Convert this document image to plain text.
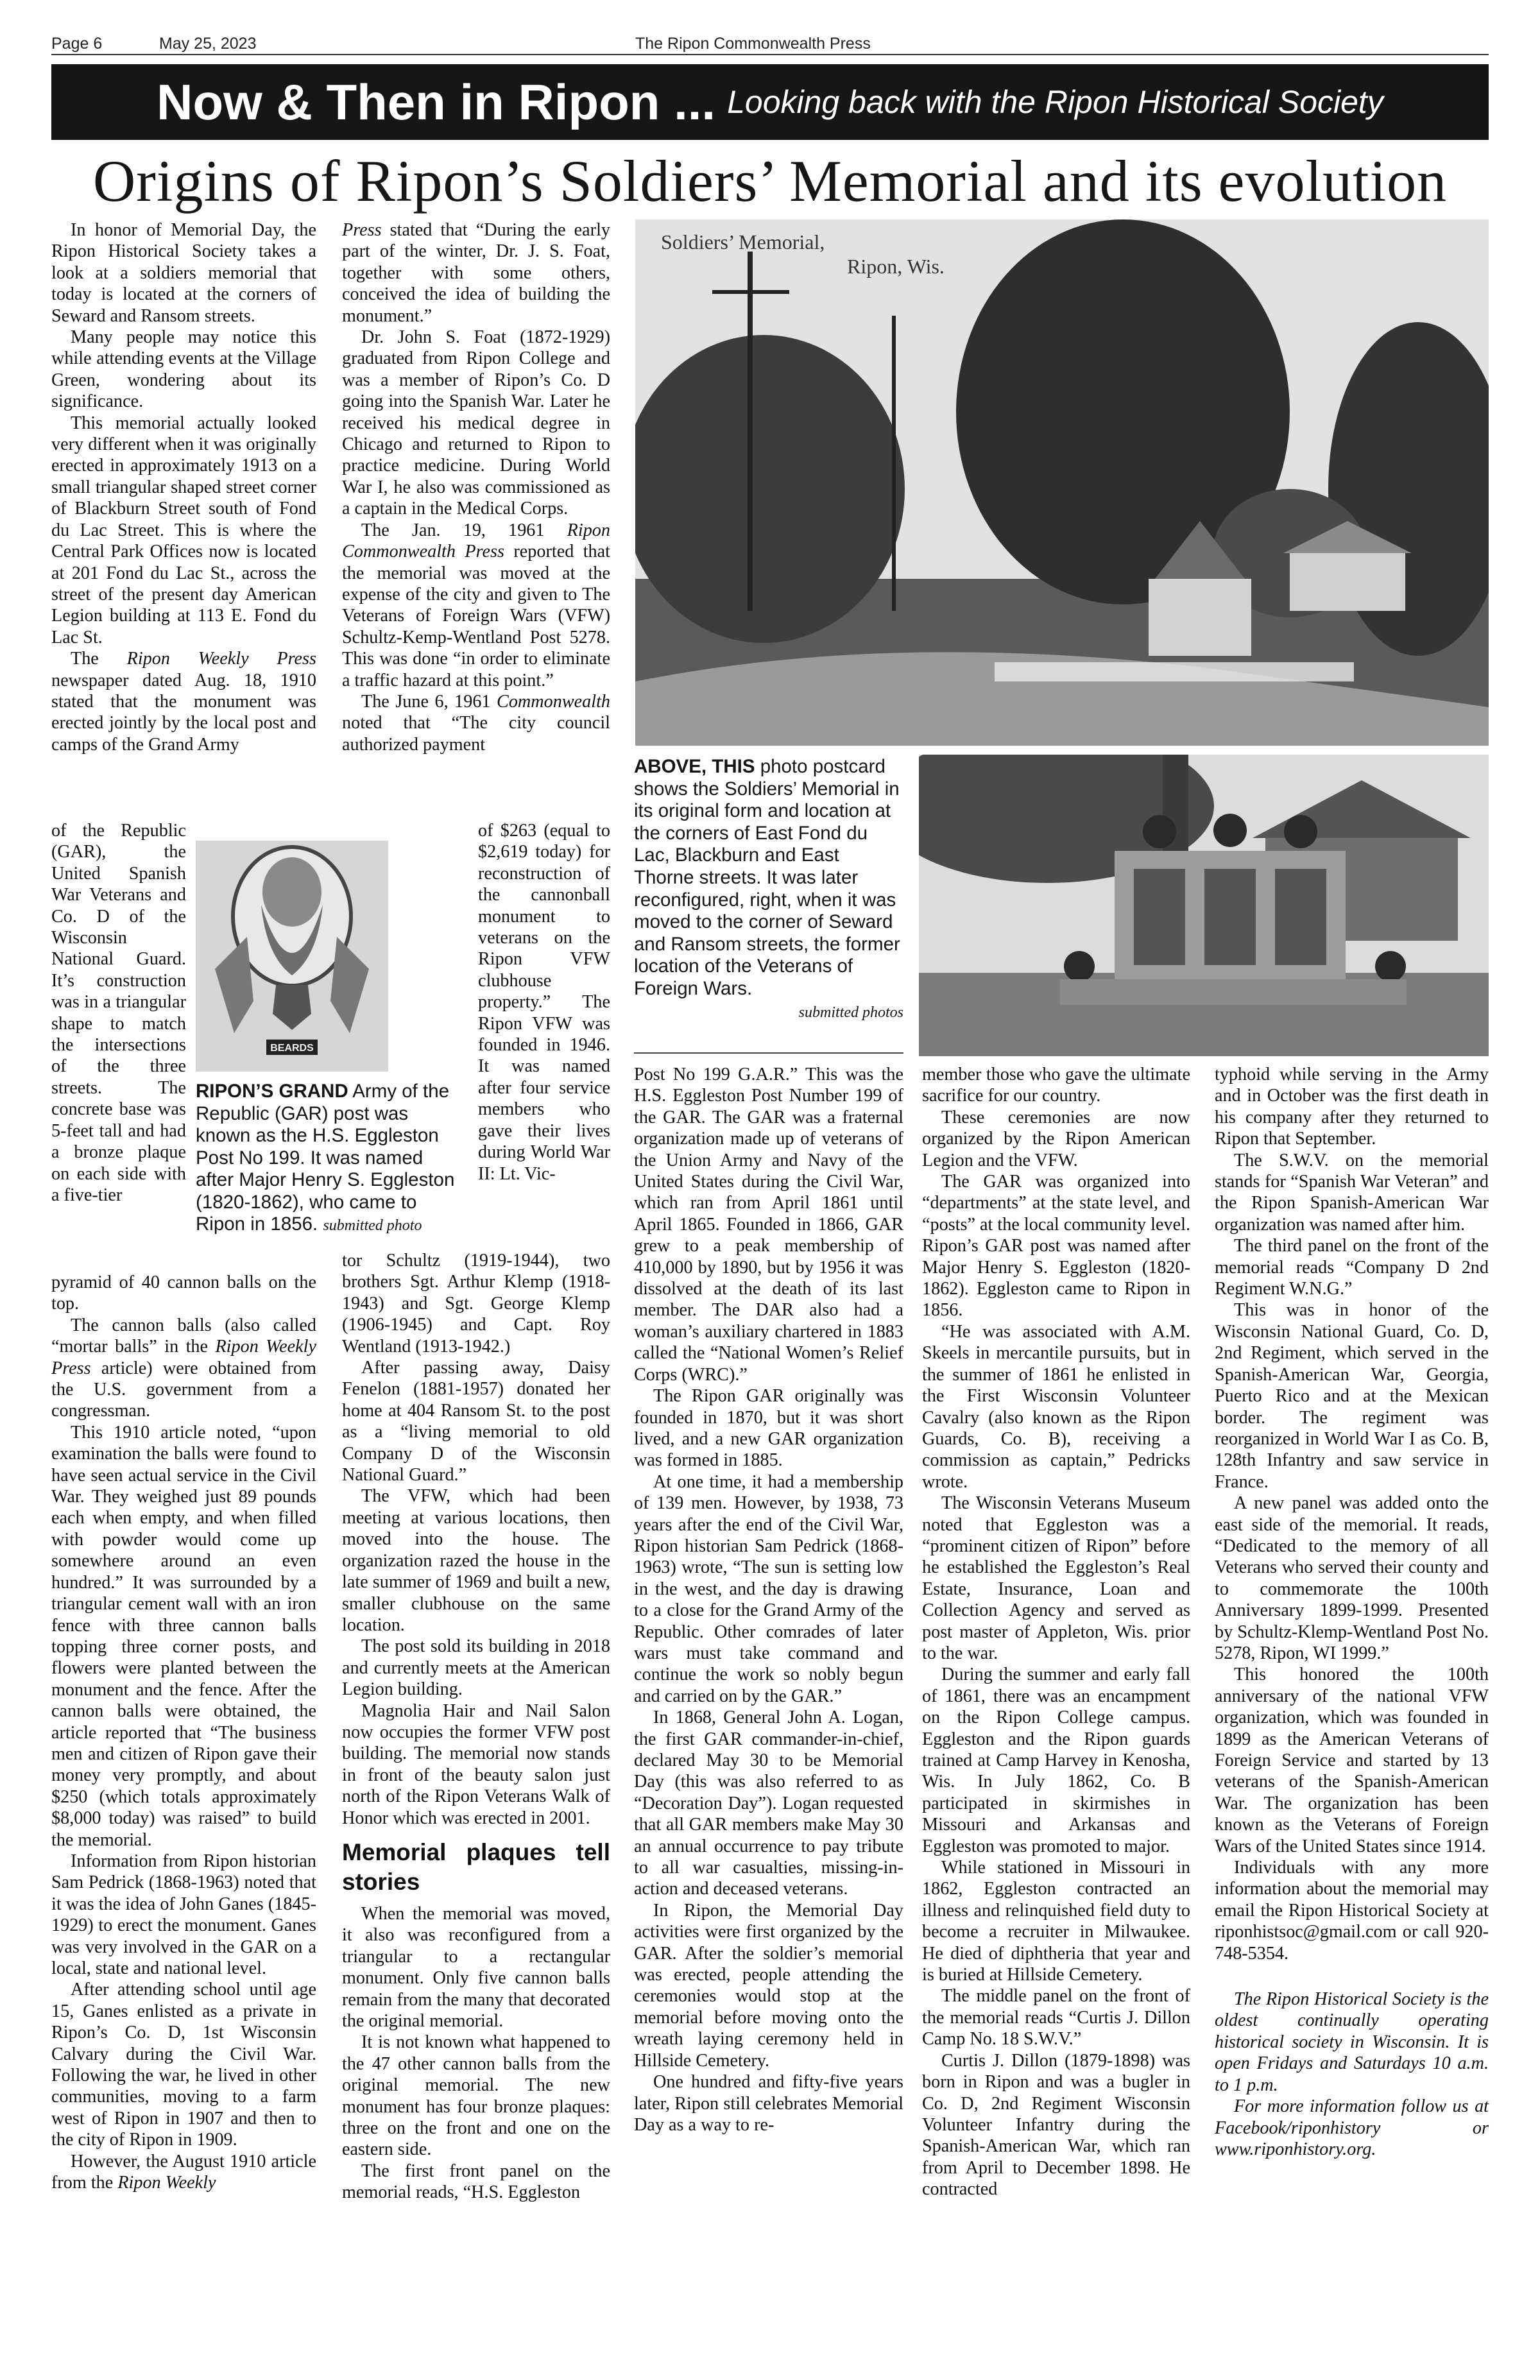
Page 6	May 25, 2023	The Ripon Commonwealth Press
Now & Then in Ripon ... Looking back with the Ripon Historical Society
Origins of Ripon’s Soldiers’ Memorial and its evolution

In honor of Memorial Day, the Ripon Historical Society takes a look at a soldiers memorial that today is located at the corners of Seward and Ransom streets.

Many people may notice this while attending events at the Village Green, wondering about its significance.

This memorial actually looked very different when it was originally erected in approximately 1913 on a small triangular shaped street corner of Blackburn Street south of Fond du Lac Street. This is where the Central Park Offices now is located at 201 Fond du Lac St., across the street of the present day American Legion building at 113 E. Fond du Lac St.

The Ripon Weekly Press newspaper dated Aug. 18, 1910 stated that the monument was erected jointly by the local post and camps of the Grand Army

of the Republic (GAR), the United Spanish War Veterans and Co. D of the Wisconsin National Guard. It’s construction was in a triangular shape to match the intersections of the three streets. The concrete base was 5-feet tall and had a bronze plaque on each side with a five-tier

pyramid of 40 cannon balls on the top.

The cannon balls (also called “mortar balls” in the Ripon Weekly Press article) were obtained from the U.S. government from a congressman.

This 1910 article noted, “upon examination the balls were found to have seen actual service in the Civil War. They weighed just 89 pounds each when empty, and when filled with powder would come up somewhere around an even hundred.” It was surrounded by a triangular cement wall with an iron fence with three cannon balls topping three corner posts, and flowers were planted between the monument and the fence. After the cannon balls were obtained, the article reported that “The business men and citizen of Ripon gave their money very promptly, and about $250 (which totals approximately $8,000 today) was raised” to build the memorial.

Information from Ripon historian Sam Pedrick (1868-1963) noted that it was the idea of John Ganes (1845-1929) to erect the monument. Ganes was very involved in the GAR on a local, state and national level.

After attending school until age 15, Ganes enlisted as a private in Ripon’s Co. D, 1st Wisconsin Calvary during the Civil War. Following the war, he lived in other communities, moving to a farm west of Ripon in 1907 and then to the city of Ripon in 1909.

However, the August 1910 article from the Ripon Weekly

BEARDS
RIPON’S GRAND Army of the Republic (GAR) post was known as the H.S. Eggleston Post No 199. It was named after Major Henry S. Eggleston (1820-1862), who came to Ripon in 1856. submitted photo

Press stated that “During the early part of the winter, Dr. J. S. Foat, together with some others, conceived the idea of building the monument.”

Dr. John S. Foat (1872-1929) graduated from Ripon College and was a member of Ripon’s Co. D going into the Spanish War. Later he received his medical degree in Chicago and returned to Ripon to practice medicine. During World War I, he also was commissioned as a captain in the Medical Corps.

The Jan. 19, 1961 Ripon Commonwealth Press reported that the memorial was moved at the expense of the city and given to The Veterans of Foreign Wars (VFW) Schultz-Kemp-Wentland Post 5278. This was done “in order to eliminate a traffic hazard at this point.”

The June 6, 1961 Commonwealth noted that “The city council authorized payment

of $263 (equal to $2,619 today) for reconstruction of the cannonball monument to veterans on the Ripon VFW clubhouse property.” The Ripon VFW was founded in 1946. It was named after four service members who gave their lives during World War II: Lt. Vic-

tor Schultz (1919-1944), two brothers Sgt. Arthur Klemp (1918-1943) and Sgt. George Klemp (1906-1945) and Capt. Roy Wentland (1913-1942.)

After passing away, Daisy Fenelon (1881-1957) donated her home at 404 Ransom St. to the post as a “living memorial to old Company D of the Wisconsin National Guard.”

The VFW, which had been meeting at various locations, then moved into the house. The organization razed the house in the late summer of 1969 and built a new, smaller clubhouse on the same location.

The post sold its building in 2018 and currently meets at the American Legion building.

Magnolia Hair and Nail Salon now occupies the former VFW post building. The memorial now stands in front of the beauty salon just north of the Ripon Veterans Walk of Honor which was erected in 2001.

Memorial plaques tell stories

When the memorial was moved, it also was reconfigured from a triangular to a rectangular monument. Only five cannon balls remain from the many that decorated the original memorial.

It is not known what happened to the 47 other cannon balls from the original memorial. The new monument has four bronze plaques: three on the front and one on the eastern side.

The first front panel on the memorial reads, “H.S. Eggleston

Soldiers’ Memorial,
Ripon, Wis.
ABOVE, THIS photo postcard shows the Soldiers’ Memorial in its original form and location at the corners of East Fond du Lac, Blackburn and East Thorne streets. It was later reconfigured, right, when it was moved to the corner of Seward and Ransom streets, the former location of the Veterans of Foreign Wars.
submitted photos

Post No 199 G.A.R.” This was the H.S. Eggleston Post Number 199 of the GAR. The GAR was a fraternal organization made up of veterans of the Union Army and Navy of the United States during the Civil War, which ran from April 1861 until April 1865. Founded in 1866, GAR grew to a peak membership of 410,000 by 1890, but by 1956 it was dissolved at the death of its last member. The DAR also had a woman’s auxiliary chartered in 1883 called the “National Women’s Relief Corps (WRC).”

The Ripon GAR originally was founded in 1870, but it was short lived, and a new GAR organization was formed in 1885.

At one time, it had a membership of 139 men. However, by 1938, 73 years after the end of the Civil War, Ripon historian Sam Pedrick (1868-1963) wrote, “The sun is setting low in the west, and the day is drawing to a close for the Grand Army of the Republic. Other comrades of later wars must take command and continue the work so nobly begun and carried on by the GAR.”

In 1868, General John A. Logan, the first GAR commander-in-chief, declared May 30 to be Memorial Day (this was also referred to as “Decoration Day”). Logan requested that all GAR members make May 30 an annual occurrence to pay tribute to all war casualties, missing-in-action and deceased veterans.

In Ripon, the Memorial Day activities were first organized by the GAR. After the soldier’s memorial was erected, people attending the ceremonies would stop at the memorial before moving onto the wreath laying ceremony held in Hillside Cemetery.

One hundred and fifty-five years later, Ripon still celebrates Memorial Day as a way to re-

member those who gave the ultimate sacrifice for our country.

These ceremonies are now organized by the Ripon American Legion and the VFW.

The GAR was organized into “departments” at the state level, and “posts” at the local community level. Ripon’s GAR post was named after Major Henry S. Eggleston (1820-1862). Eggleston came to Ripon in 1856.

“He was associated with A.M. Skeels in mercantile pursuits, but in the summer of 1861 he enlisted in the First Wisconsin Volunteer Cavalry (also known as the Ripon Guards, Co. B), receiving a commission as captain,” Pedricks wrote.

The Wisconsin Veterans Museum noted that Eggleston was a “prominent citizen of Ripon” before he established the Eggleston’s Real Estate, Insurance, Loan and Collection Agency and served as post master of Appleton, Wis. prior to the war.

During the summer and early fall of 1861, there was an encampment on the Ripon College campus. Eggleston and the Ripon guards trained at Camp Harvey in Kenosha, Wis. In July 1862, Co. B participated in skirmishes in Missouri and Arkansas and Eggleston was promoted to major.

While stationed in Missouri in 1862, Eggleston contracted an illness and relinquished field duty to become a recruiter in Milwaukee. He died of diphtheria that year and is buried at Hillside Cemetery.

The middle panel on the front of the memorial reads “Curtis J. Dillon Camp No. 18 S.W.V.”

Curtis J. Dillon (1879-1898) was born in Ripon and was a bugler in Co. D, 2nd Regiment Wisconsin Volunteer Infantry during the Spanish-American War, which ran from April to December 1898. He contracted

typhoid while serving in the Army and in October was the first death in his company after they returned to Ripon that September.

The S.W.V. on the memorial stands for “Spanish War Veteran” and the Ripon Spanish-American War organization was named after him.

The third panel on the front of the memorial reads “Company D 2nd Regiment W.N.G.”

This was in honor of the Wisconsin National Guard, Co. D, 2nd Regiment, which served in the Spanish-American War, Georgia, Puerto Rico and at the Mexican border. The regiment was reorganized in World War I as Co. B, 128th Infantry and saw service in France.

A new panel was added onto the east side of the memorial. It reads, “Dedicated to the memory of all Veterans who served their county and to commemorate the 100th Anniversary 1899-1999. Presented by Schultz-Klemp-Wentland Post No. 5278, Ripon, WI 1999.”

This honored the 100th anniversary of the national VFW organization, which was founded in 1899 as the American Veterans of Foreign Service and started by 13 veterans of the Spanish-American War. The organization has been known as the Veterans of Foreign Wars of the United States since 1914.

Individuals with any more information about the memorial may email the Ripon Historical Society at riponhistsoc@gmail.com or call 920-748-5354.

The Ripon Historical Society is the oldest continually operating historical society in Wisconsin. It is open Fridays and Saturdays 10 a.m. to 1 p.m.

For more information follow us at Facebook/riponhistory or www.riponhistory.org.
